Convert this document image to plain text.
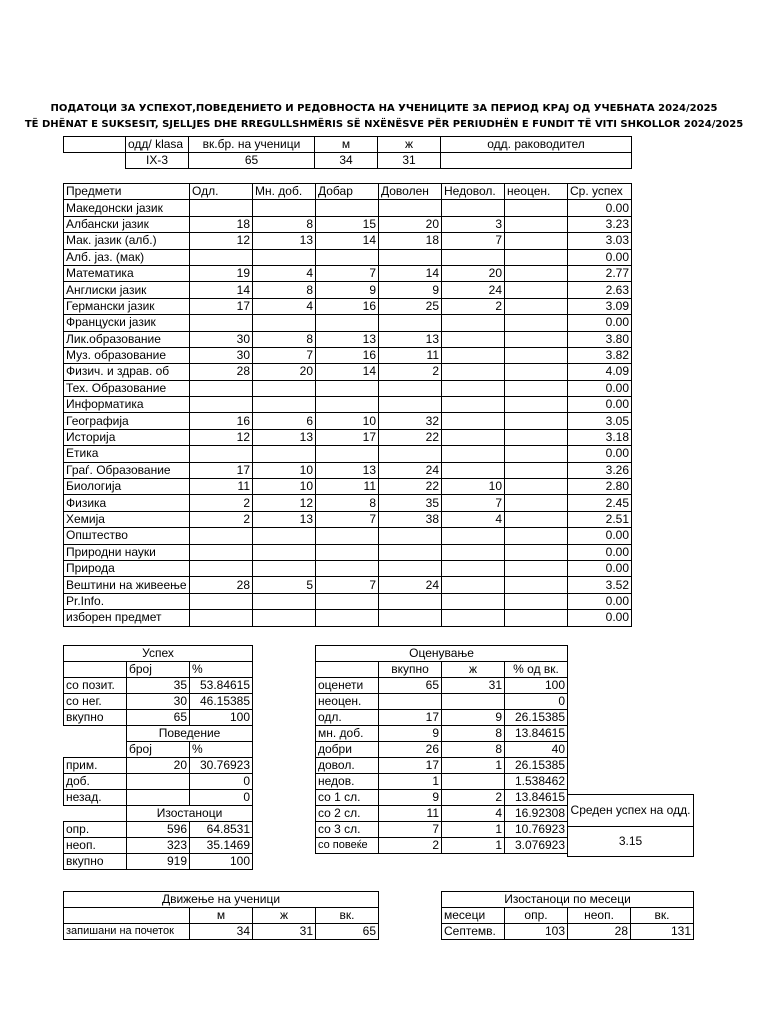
ПОДАТОЦИ ЗА УСПЕХОТ,ПОВЕДЕНИЕТО И РЕДОВНОСТА НА УЧЕНИЦИТЕ ЗА ПЕРИОД КРАЈ ОД УЧЕБНАТА 2024/2025
TË DHËNAT E SUKSESIT, SJELLJES DHE RREGULLSHMËRIS SË NXËNËSVE PËR PERIUDHËN E FUNDIT TË VITI SHKOLLOR 2024/2025
	одд/ klasa	вк.бр. на ученици	м	ж	одд. раководител
	IX-3	65	34	31	
Предмети	Одл.	Мн. доб.	Добар	Доволен	Недовол.	неоцен.	Ср. успех
Македонски јазик							0.00
Албански јазик	18	8	15	20	3		3.23
Мак. јазик (алб.)	12	13	14	18	7		3.03
Алб. јаз. (мак)							0.00
Математика	19	4	7	14	20		2.77
Англиски јазик	14	8	9	9	24		2.63
Германски јазик	17	4	16	25	2		3.09
Француски јазик							0.00
Лик.образование	30	8	13	13			3.80
Муз. образование	30	7	16	11			3.82
Физич. и здрав. об	28	20	14	2			4.09
Тех. Образование							0.00
Информатика							0.00
Географија	16	6	10	32			3.05
Историја	12	13	17	22			3.18
Етика							0.00
Граѓ. Образование	17	10	13	24			3.26
Биологија	11	10	11	22	10		2.80
Физика	2	12	8	35	7		2.45
Хемија	2	13	7	38	4		2.51
Општество							0.00
Природни науки							0.00
Природа							0.00
Вештини на живеење	28	5	7	24			3.52
Pr.Info.							0.00
изборен предмет							0.00
Успех		
	број	%
со позит.	35	53.84615
со нег.	30	46.15385
вкупно	65	100
	Поведение	
	број	%
прим.	20	30.76923
доб.		0
незад.		0
	Изостаноци	
опр.	596	64.8531
неоп.	323	35.1469
вкупно	919	100
Оценување			
	вкупно	ж	% од вк.
оценети	65	31	100
неоцен.			0
одл.	17	9	26.15385
мн. доб.	9	8	13.84615
добри	26	8	40
довол.	17	1	26.15385
недов.	1		1.538462
со 1 сл.	9	2	13.84615
со 2 сл.	11	4	16.92308
со 3 сл.	7	1	10.76923
со повеќе	2	1	3.076923
Среден успех на одд.
3.15
Движење на ученици			
	м	ж	вк.
запишани на почеток	34	31	65
Изостаноци по месеци			
месеци	опр.	неоп.	вк.
Септемв.	103	28	131
